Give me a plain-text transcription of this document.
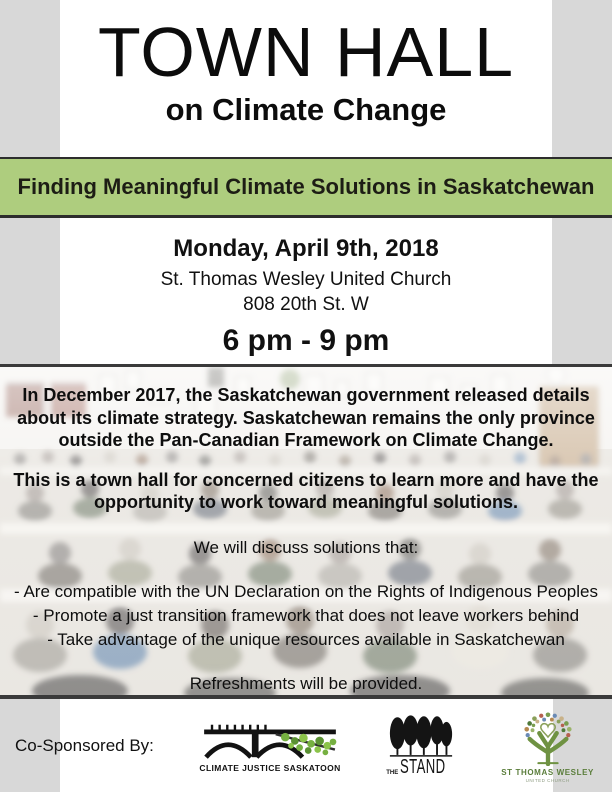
TOWN HALL
on Climate Change
Finding Meaningful Climate Solutions in Saskatchewan

Monday, April 9th, 2018

St. Thomas Wesley United Church

808 20th St. W

6 pm - 9 pm

In December 2017, the Saskatchewan government released details
about its climate strategy. Saskatchewan remains the only province
outside the Pan-Canadian Framework on Climate Change.
This is a town hall for concerned citizens to learn more and have the
opportunity to work toward meaningful solutions.
We will discuss solutions that:
- Are compatible with the UN Declaration on the Rights of Indigenous Peoples
- Promote a just transition framework that does not leave workers behind
- Take advantage of the unique resources available in Saskatchewan
Refreshments will be provided.
Co-Sponsored By:
CLIMATE JUSTICE SASKATOON
THE STAND	ST THOMAS WESLEY
UNITED CHURCH
